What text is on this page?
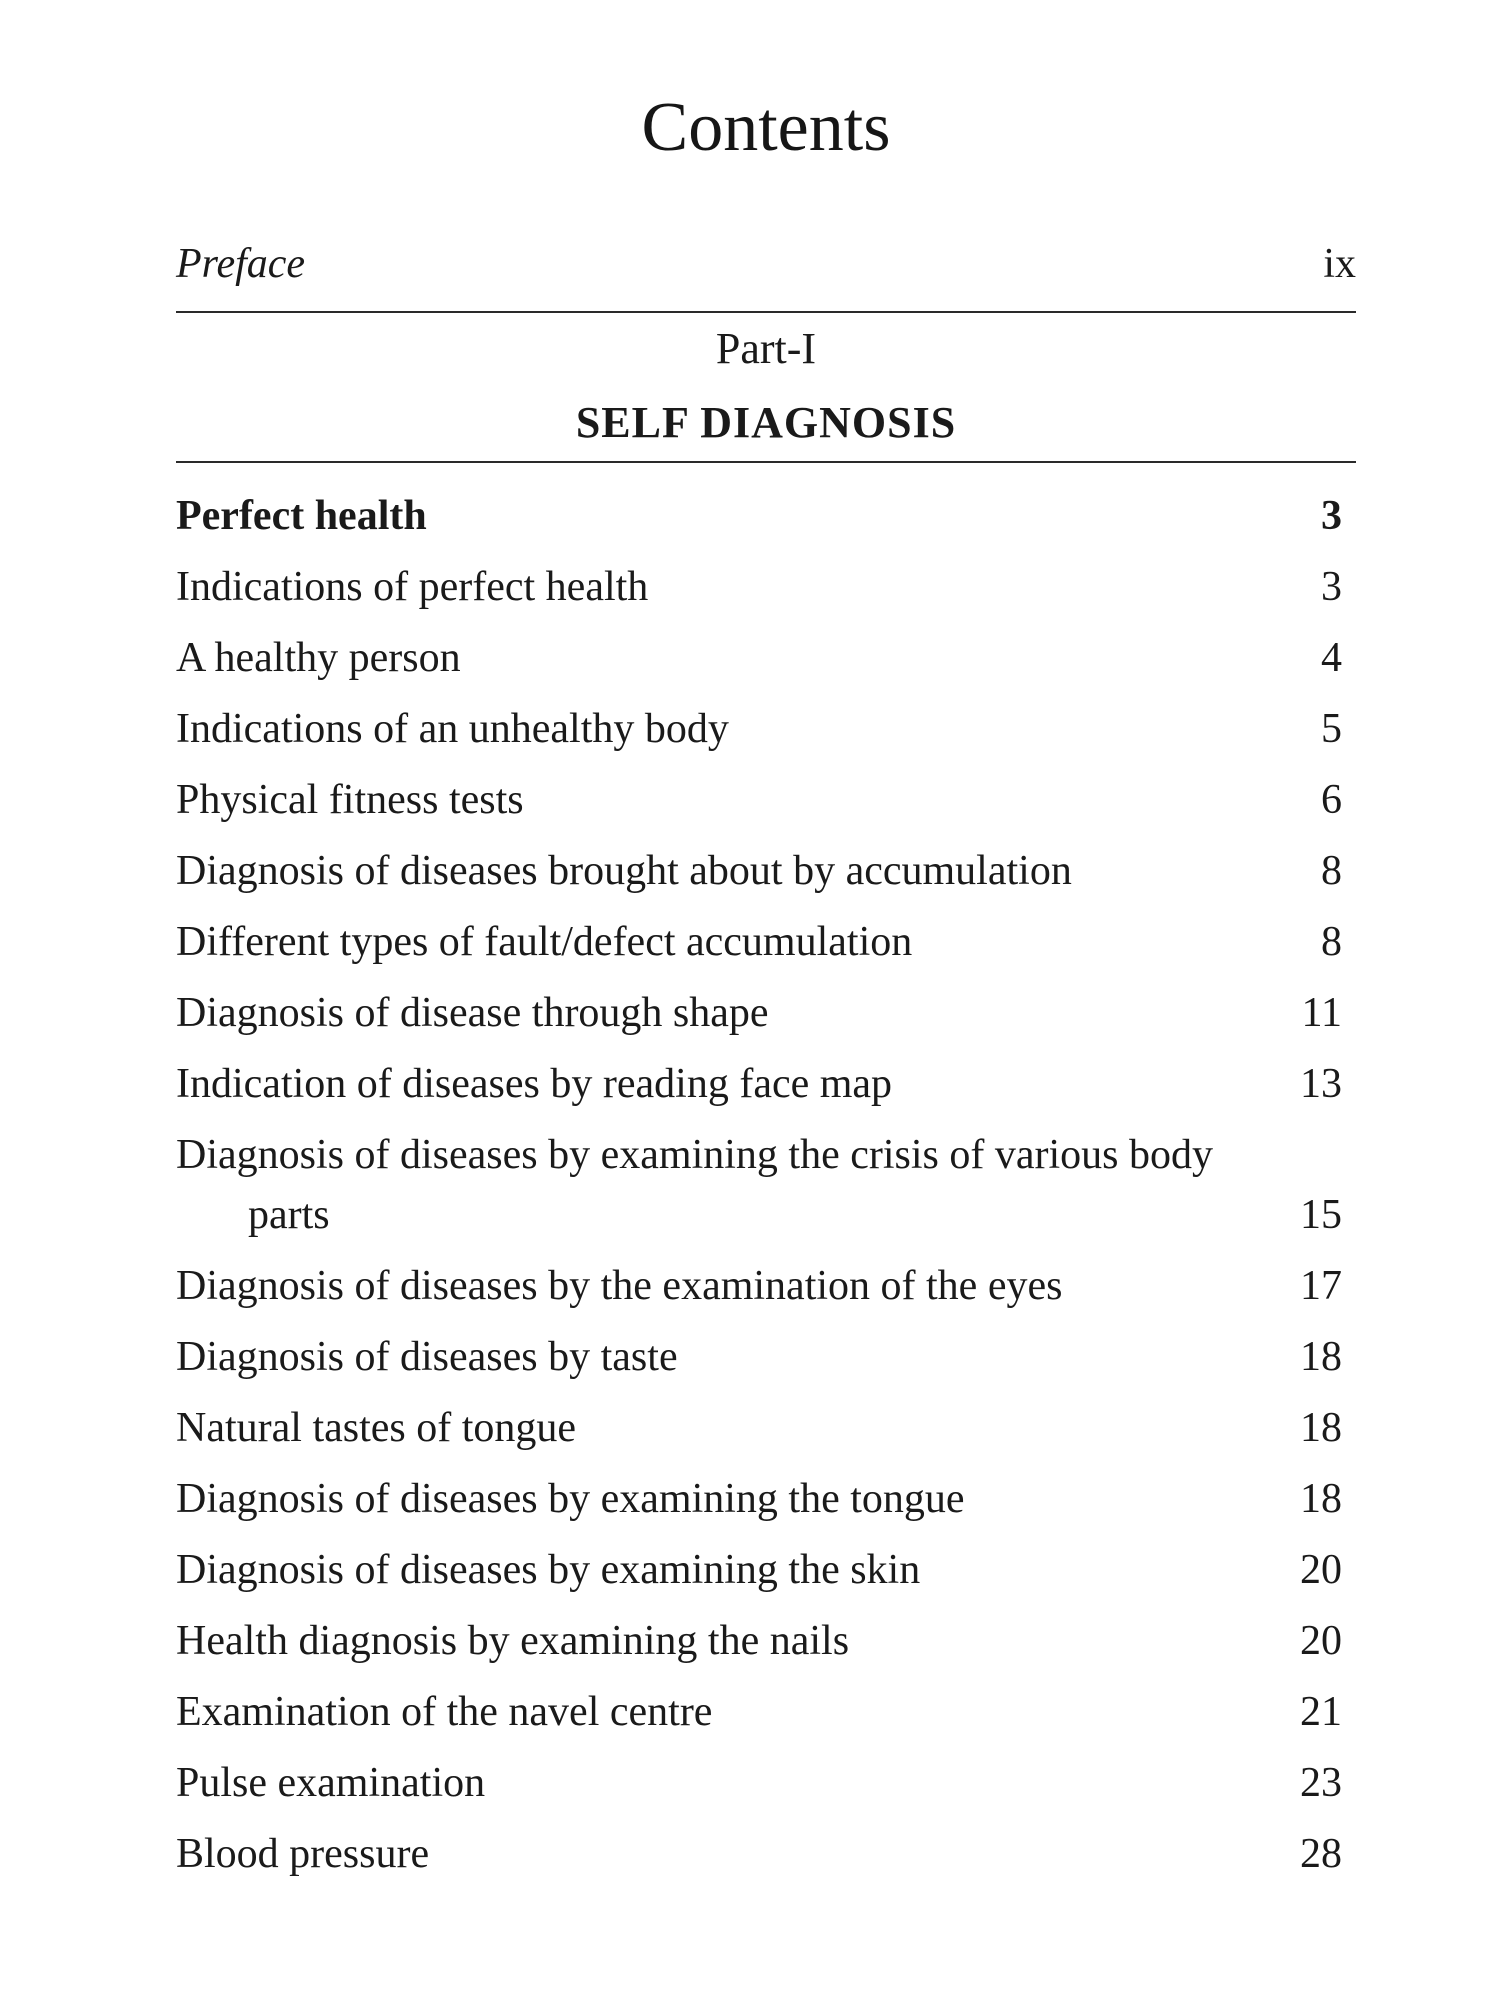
Contents
Preface	ix
Part-I
SELF DIAGNOSIS
Perfect health	3
Indications of perfect health	3
A healthy person	4
Indications of an unhealthy body	5
Physical fitness tests	6
Diagnosis of diseases brought about by accumulation	8
Different types of fault/defect accumulation	8
Diagnosis of disease through shape	11
Indication of diseases by reading face map	13
Diagnosis of diseases by examining the crisis of various body parts	15
Diagnosis of diseases by the examination of the eyes	17
Diagnosis of diseases by taste	18
Natural tastes of tongue	18
Diagnosis of diseases by examining the tongue	18
Diagnosis of diseases by examining the skin	20
Health diagnosis by examining the nails	20
Examination of the navel centre	21
Pulse examination	23
Blood pressure	28
